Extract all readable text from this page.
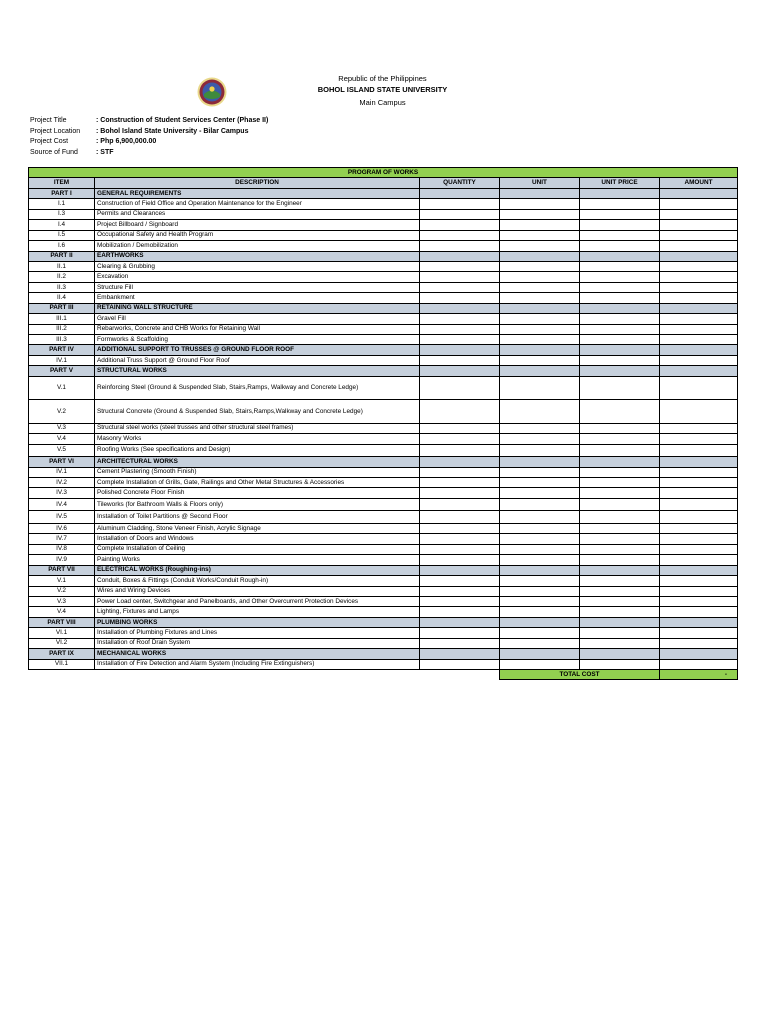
Republic of the Philippines
BOHOL ISLAND STATE UNIVERSITY
Main Campus
Project Title	: Construction of Student Services Center (Phase II)
Project Location	: Bohol Island State University - Bilar Campus
Project Cost	: Php 6,900,000.00
Source of Fund	: STF
PROGRAM OF WORKS					
ITEM	DESCRIPTION	QUANTITY	UNIT	UNIT PRICE	AMOUNT
PART I	GENERAL REQUIREMENTS				
I.1	Construction of Field Office and Operation Maintenance for the Engineer				
I.3	Permits and Clearances				
I.4	Project Billboard / Signboard				
I.5	Occupational Safety and Health Program				
I.6	Mobilization / Demobilization				
PART II	EARTHWORKS				
II.1	Clearing & Grubbing				
II.2	Excavation				
II.3	Structure Fill				
II.4	Embankment				
PART III	RETAINING WALL STRUCTURE				
III.1	Gravel Fill				
III.2	Rebarworks, Concrete and CHB Works for Retaining Wall				
III.3	Formworks & Scaffolding				
PART IV	ADDITIONAL SUPPORT TO TRUSSES @ GROUND FLOOR ROOF				
IV.1	Additional Truss Support @ Ground Floor Roof				
PART V	STRUCTURAL WORKS				
V.1	Reinforcing Steel (Ground & Suspended Slab, Stairs,Ramps, Walkway and Concrete Ledge)				
V.2	Structural Concrete (Ground & Suspended Slab, Stairs,Ramps,Walkway and Concrete Ledge)				
V.3	Structural steel works (steel trusses and other structural steel frames)				
V.4	Masonry Works				
V.5	Roofing Works (See specifications and Design)				
PART VI	ARCHITECTURAL WORKS				
IV.1	Cement Plastering (Smooth Finish)				
IV.2	Complete Installation of Grills, Gate, Railings and Other Metal Structures & Accessories				
IV.3	Polished Concrete Floor Finish				
IV.4	Tileworks (for Bathroom Walls & Floors only)				
IV.5	Installation of Toilet Partitions @ Second Floor				
IV.6	Aluminum Cladding, Stone Veneer Finish, Acrylic Signage				
IV.7	Installation of Doors and Windows				
IV.8	Complete Installation of Ceiling				
IV.9	Painting Works				
PART VII	ELECTRICAL WORKS (Roughing-ins)				
V.1	Conduit, Boxes & Fittings (Conduit Works/Conduit Rough-in)				
V.2	Wires and Wiring Devices				
V.3	Power Load center, Switchgear and Panelboards, and Other Overcurrent Protection Devices				
V.4	Lighting, Fixtures and Lamps				
PART VIII	PLUMBING WORKS				
VI.1	Installation of Plumbing Fixtures and Lines				
VI.2	Installation of Roof Drain System				
PART IX	MECHANICAL WORKS				
VII.1	Installation of Fire Detection and Alarm System (Including Fire Extinguishers)				
			TOTAL COST		-
